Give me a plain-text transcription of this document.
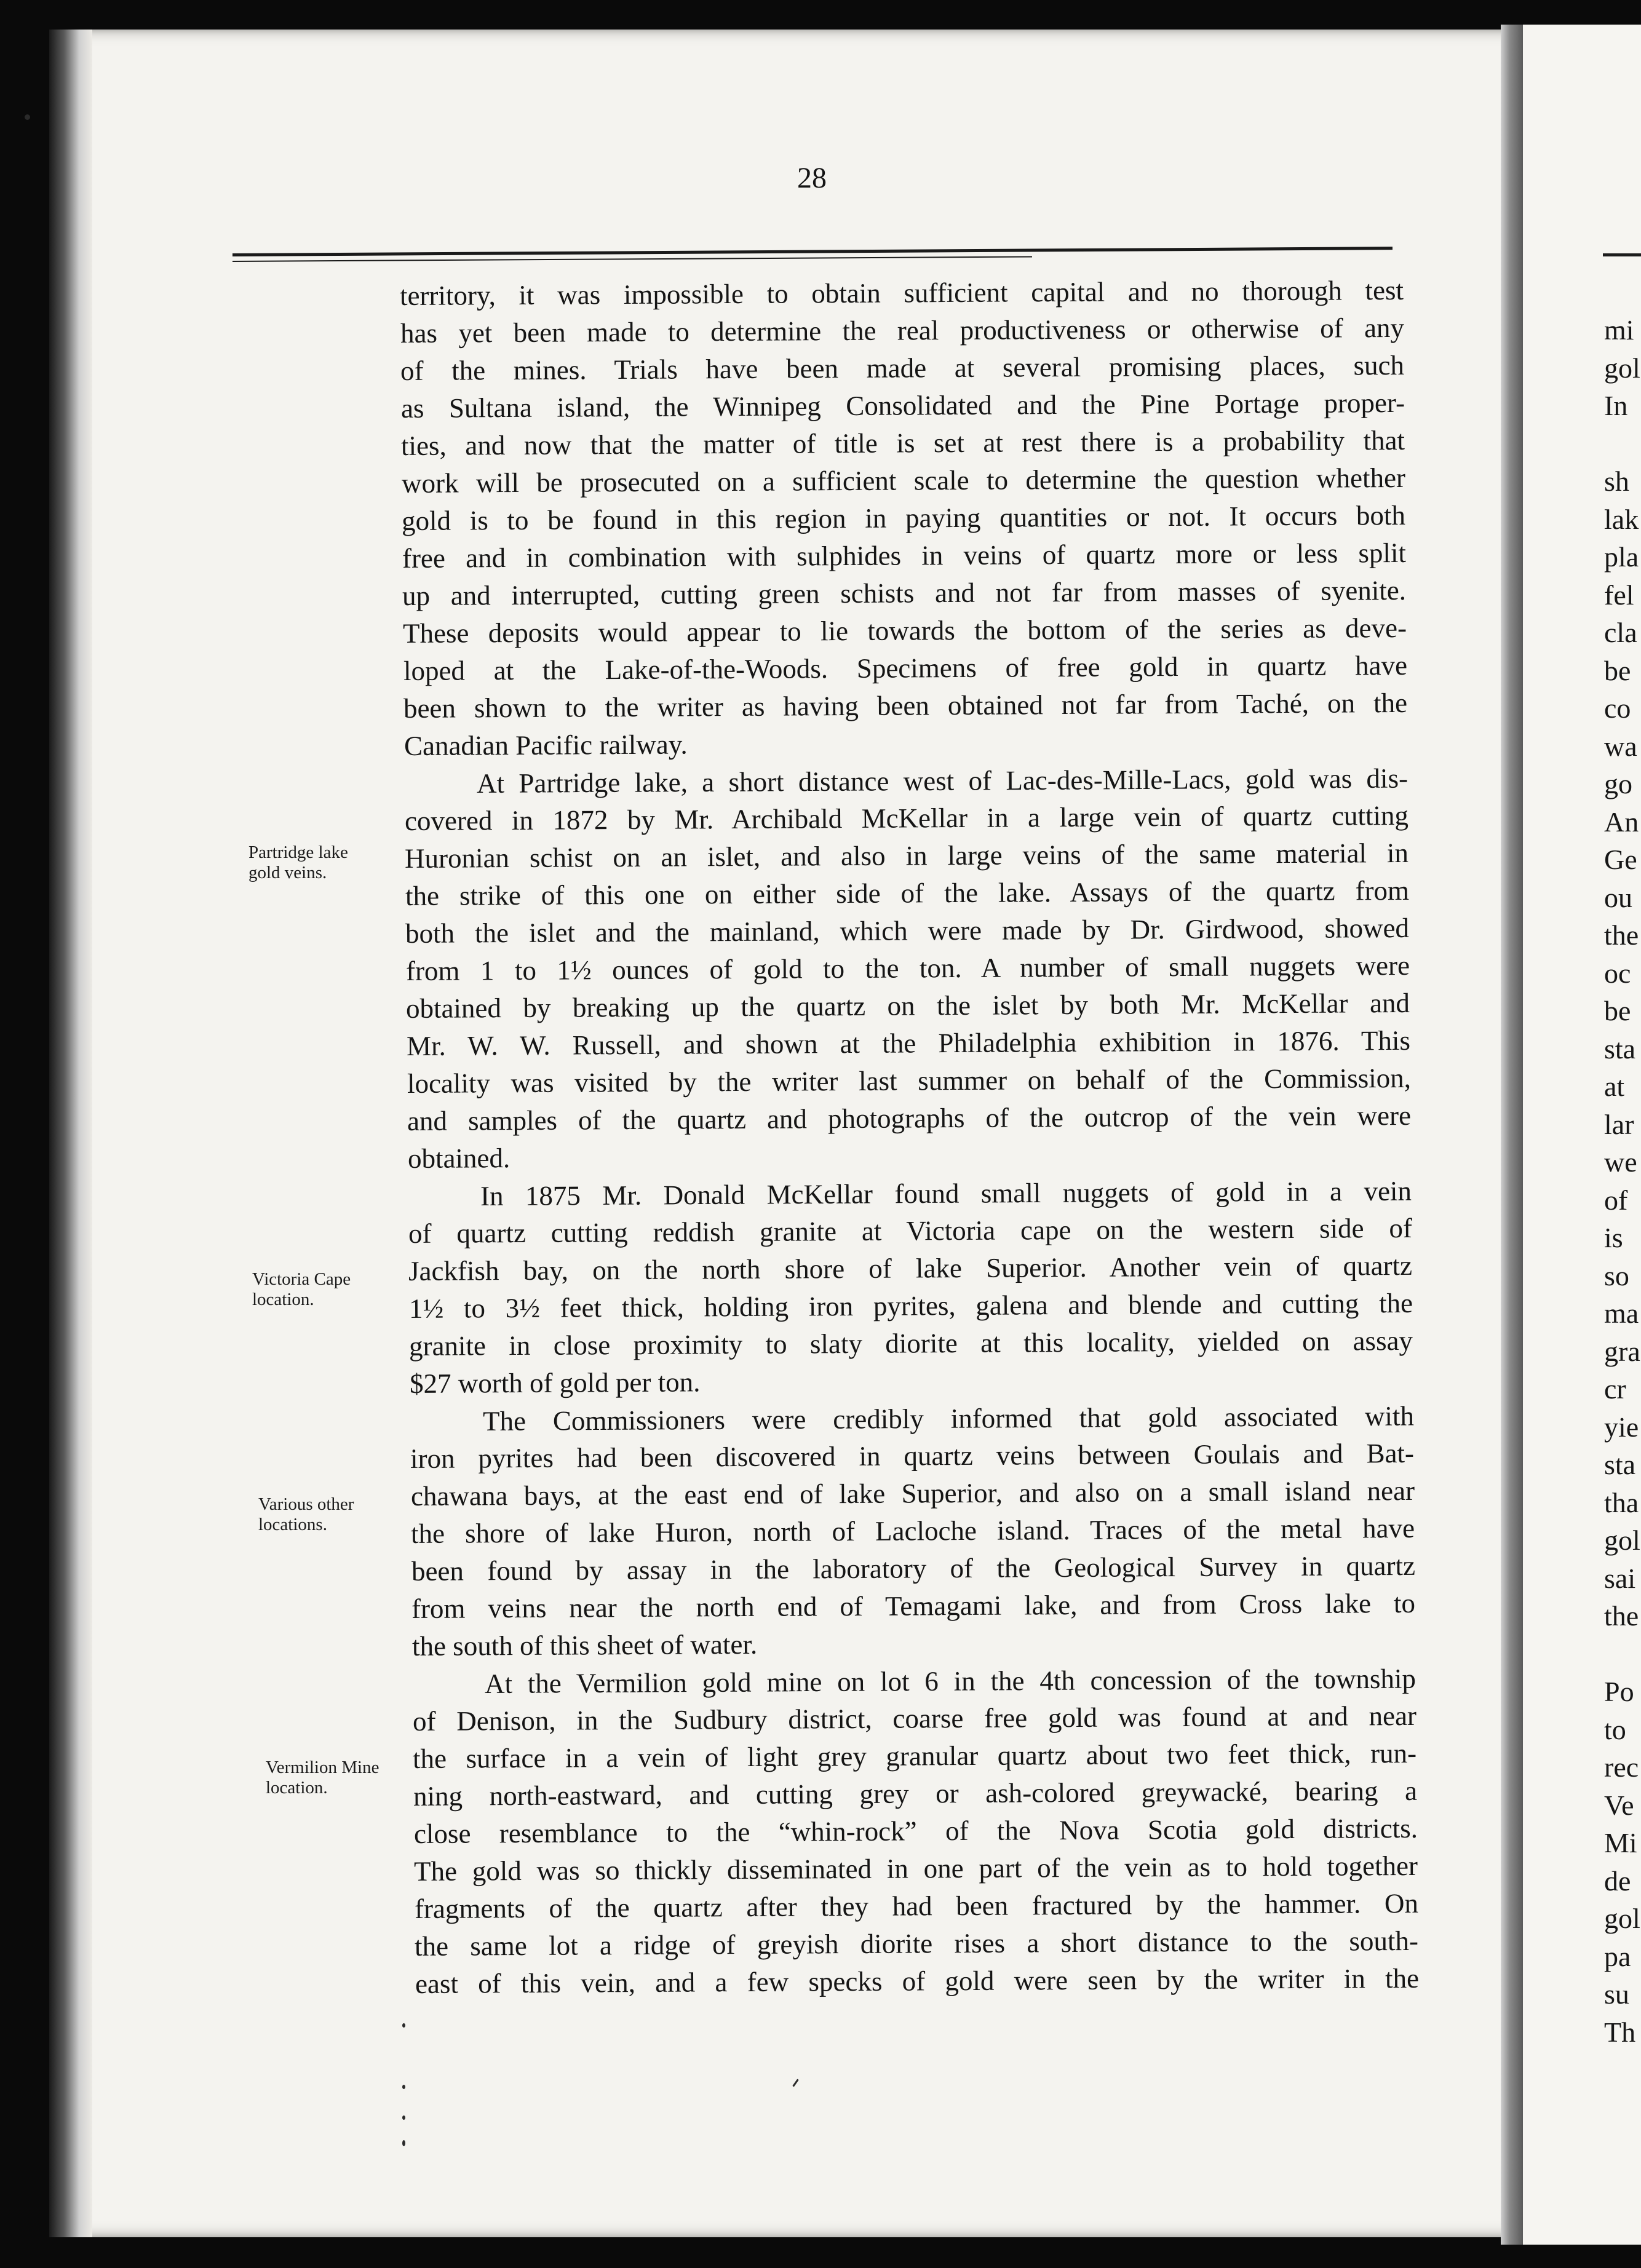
mi
gol
In
sh
lak
pla
fel
cla
be
co
wa
go
An
Ge
ou
the
oc
be
sta
at
lar
we
of
is
so
ma
gra
cr
yie
sta
tha
gol
sai
the
Po
to
rec
Ve
Mi
de
gol
pa
su
Th
28
territory, it was impossible to obtain sufficient capital and no thorough test
has yet been made to determine the real productiveness or otherwise of any
of the mines. Trials have been made at several promising places, such
as Sultana island, the Winnipeg Consolidated and the Pine Portage proper-
ties, and now that the matter of title is set at rest there is a probability that
work will be prosecuted on a sufficient scale to determine the question whether
gold is to be found in this region in paying quantities or not. It occurs both
free and in combination with sulphides in veins of quartz more or less split
up and interrupted, cutting green schists and not far from masses of syenite.
These deposits would appear to lie towards the bottom of the series as deve-
loped at the Lake-of-the-Woods. Specimens of free gold in quartz have
been shown to the writer as having been obtained not far from Taché, on the
Canadian Pacific railway.
At Partridge lake, a short distance west of Lac-des-Mille-Lacs, gold was dis-
covered in 1872 by Mr. Archibald McKellar in a large vein of quartz cutting
Huronian schist on an islet, and also in large veins of the same material in
the strike of this one on either side of the lake. Assays of the quartz from
both the islet and the mainland, which were made by Dr. Girdwood, showed
from 1 to 1½ ounces of gold to the ton. A number of small nuggets were
obtained by breaking up the quartz on the islet by both Mr. McKellar and
Mr. W. W. Russell, and shown at the Philadelphia exhibition in 1876. This
locality was visited by the writer last summer on behalf of the Commission,
and samples of the quartz and photographs of the outcrop of the vein were
obtained.
In 1875 Mr. Donald McKellar found small nuggets of gold in a vein
of quartz cutting reddish granite at Victoria cape on the western side of
Jackfish bay, on the north shore of lake Superior. Another vein of quartz
1½ to 3½ feet thick, holding iron pyrites, galena and blende and cutting the
granite in close proximity to slaty diorite at this locality, yielded on assay
$27 worth of gold per ton.
The Commissioners were credibly informed that gold associated with
iron pyrites had been discovered in quartz veins between Goulais and Bat-
chawana bays, at the east end of lake Superior, and also on a small island near
the shore of lake Huron, north of Lacloche island. Traces of the metal have
been found by assay in the laboratory of the Geological Survey in quartz
from veins near the north end of Temagami lake, and from Cross lake to
the south of this sheet of water.
At the Vermilion gold mine on lot 6 in the 4th concession of the township
of Denison, in the Sudbury district, coarse free gold was found at and near
the surface in a vein of light grey granular quartz about two feet thick, run-
ning north-eastward, and cutting grey or ash-colored greywacké, bearing a
close resemblance to the “whin-rock” of the Nova Scotia gold districts.
The gold was so thickly disseminated in one part of the vein as to hold together
fragments of the quartz after they had been fractured by the hammer. On
the same lot a ridge of greyish diorite rises a short distance to the south-
east of this vein, and a few specks of gold were seen by the writer in the
Partridge lake
gold veins.
Victoria Cape
location.
Various other
locations.
Vermilion Mine
location.
